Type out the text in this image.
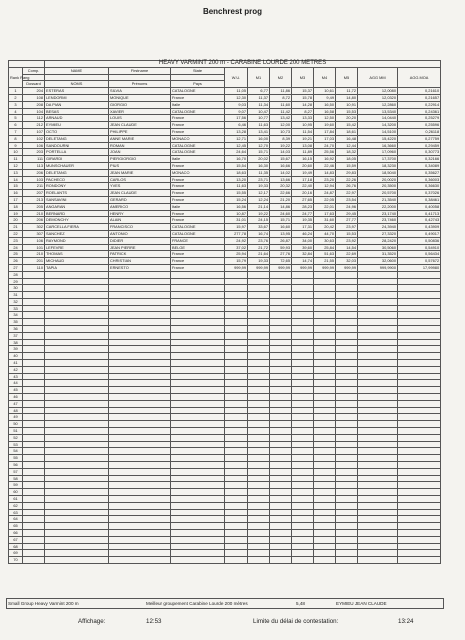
Benchrest prog
		HEAVY VARMINT 200 m - CARABINE LOURDE 200 METRES										
Rank Rang	Comp.	NAME	Firstname	State	W.U.	M1	M2	M3	M4	M5	AGG MM	AGG.MOA

	Dossard	NOMS	Prénoms	Pays								
1	204	ESTERAS	SILVIA	CATALOGNE	11,05	6,77	11,86	15,37	10,61	11,72	12,0080	0,21610
2	108	LENDORMI	MONIQUE	France	12,30	11,37	8,72	15,78	9,49	14,80	12,0320	0,21657
3	208	DA PIAN	GIORGIO	Italie	9,03	11,34	11,60	14,28	16,50	10,91	12,2860	0,22914
4	104	BESAS	XAVIER	CATALOGNE	9,07	10,47	11,42	8,27	16,58	15,53	13,5340	0,24361
5	112	ARNAUD	LOUIS	France	17,56	10,77	13,42	13,33	12,50	20,20	14,0440	0,25279
6	212	EYMIEU	JEAN CLAUDE	France	6,46	11,63	12,00	10,95	19,60	15,42	14,3200	0,25596
7	107	OCTO	PHILIPPE	France	13,28	13,41	10,73	11,54	17,84	18,61	14,5100	0,26118
8	102	DELETANG	ANNE MARIE	MONACO	12,71	16,00	8,39	19,21	17,03	16,48	15,4220	0,27759
9	106	SANDOURNI	ROMAN	CATALOGNE	12,45	12,70	19,22	13,08	24,70	12,44	16,3660	0,29459
10	203	PORTELLA	JOAN	CATALOGNE	24,64	15,71	14,03	11,89	25,56	18,32	17,0960	0,30773
11	111	GIRARDI	PIERGIORGIO	Italie	16,70	20,02	15,67	16,15	16,92	18,05	17,3700	0,32166
12	113	MUNSCHAUER	PIUS	France	15,54	16,30	16,66	20,60	22,46	15,59	18,3230	0,34089
13	206	DELETANG	JEAN MARIE	MONACO	18,63	11,35	14,02	19,49	14,83	29,83	18,5040	0,35627
14	103	PACHECO	CARLOS	France	13,20	23,71	13,66	17,18	23,20	22,26	20,0020	0,36003
15	211	RONDONY	YVES	France	11,63	19,33	20,32	22,40	12,94	26,76	20,3500	0,36630
16	207	ROELANTS	JEAN CLAUDE	France	15,55	12,17	22,66	20,16	24,87	22,97	20,5700	0,37026
17	213	SANSAVINI	GERARD	France	15,24	12,24	21,20	27,65	22,05	23,54	21,3540	0,38461
18	205	ANGARAN	AMERICO	Italie	16,56	21,14	14,86	28,23	22,01	24,96	22,2000	0,40058
19	210	BERNARD	HENRY	France	10,87	19,22	24,60	24,77	17,63	29,45	23,1740	0,41713
20	206	DEMONCHY	ALAIN	France	31,01	24,15	15,71	19,35	31,60	27,77	23,7460	0,42743
21	302	CARCELLA FIERA	FRANCISCO	CATALOGNE	15,97	33,67	16,60	17,31	20,42	23,97	24,3940	0,43909
22	307	SANCHEZ	ANTONIO	CATALOGNE	277,78	16,74	13,95	46,24	44,70	15,53	27,3320	0,49017
23	106	RAYMOND	DIDIER	FRANCE	24,92	23,76	26,87	34,00	30,63	23,92	28,2420	0,50836
24	101	LEFEVRE	JEAN PIERRE	BELGE	37,02	21,72	59,93	39,60	25,84	14,54	30,5060	0,54910
25	210	THOMAS	PATRICK	France	25,94	21,64	27,76	32,84	51,63	22,69	31,3520	0,56434
26	201	MICHAUD	CHRISTIAN	France	15,79	19,33	72,65	14,74	21,55	32,03	32,0600	0,57672
27	110	TAPIA	ERNESTO	France	999,99	999,99	999,99	999,99	999,99	999,99	999,9900	17,99980
28												
29												
30												
31												
32												
33												
34												
35												
36												
37												
38												
39												
40												
41												
42												
43												
44												
45												
46												
47												
48												
49												
50												
51												
52												
53												
54												
55												
56												
57												
58												
59												
60												
61												
62												
63												
64												
65												
66												
67												
68												
69												
70												
Small Group Heavy Varmint 200 m	Meilleur groupement Carabine Lourde 200 mètres	5,48	EYMIEU JEAN CLAUDE
Affichage:	12:53	Limite du délai de contestation:	13:24
